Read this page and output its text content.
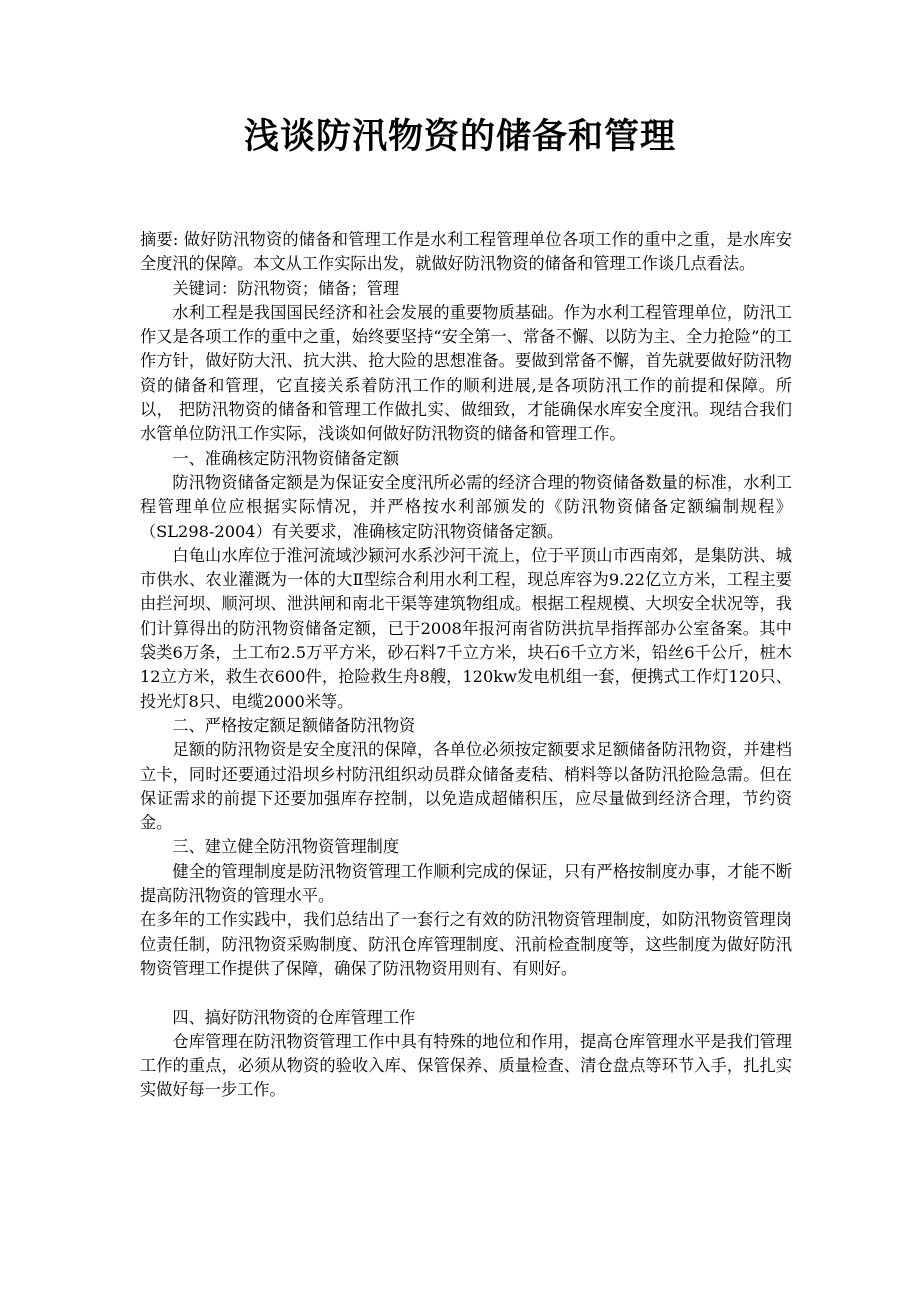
浅谈防汛物资的储备和管理

摘要: 做好防汛物资的储备和管理工作是水利工程管理单位各项工作的重中之重，是水库安全度汛的保障。本文从工作实际出发，就做好防汛物资的储备和管理工作谈几点看法。

关键词：防汛物资；储备；管理

水利工程是我国国民经济和社会发展的重要物质基础。作为水利工程管理单位，防汛工作又是各项工作的重中之重，始终要坚持“安全第一、常备不懈、以防为主、全力抢险”的工作方针，做好防大汛、抗大洪、抢大险的思想准备。要做到常备不懈，首先就要做好防汛物资的储备和管理，它直接关系着防汛工作的顺利进展,是各项防汛工作的前提和保障。所以， 把防汛物资的储备和管理工作做扎实、做细致，才能确保水库安全度汛。现结合我们水管单位防汛工作实际，浅谈如何做好防汛物资的储备和管理工作。

一、准确核定防汛物资储备定额

防汛物资储备定额是为保证安全度汛所必需的经济合理的物资储备数量的标准，水利工程管理单位应根据实际情况，并严格按水利部颁发的《防汛物资储备定额编制规程》（SL298-2004）有关要求，准确核定防汛物资储备定额。

白龟山水库位于淮河流域沙颍河水系沙河干流上，位于平顶山市西南郊，是集防洪、城市供水、农业灌溉为一体的大Ⅱ型综合利用水利工程，现总库容为9.22亿立方米，工程主要由拦河坝、顺河坝、泄洪闸和南北干渠等建筑物组成。根据工程规模、大坝安全状况等，我们计算得出的防汛物资储备定额，已于2008年报河南省防洪抗旱指挥部办公室备案。其中袋类6万条，土工布2.5万平方米，砂石料7千立方米，块石6千立方米，铅丝6千公斤，桩木12立方米，救生衣600件，抢险救生舟8艘，120kw发电机组一套，便携式工作灯120只、投光灯8只、电缆2000米等。

二、严格按定额足额储备防汛物资

足额的防汛物资是安全度汛的保障，各单位必须按定额要求足额储备防汛物资，并建档立卡，同时还要通过沿坝乡村防汛组织动员群众储备麦秸、梢料等以备防汛抢险急需。但在保证需求的前提下还要加强库存控制，以免造成超储积压，应尽量做到经济合理，节约资金。

三、建立健全防汛物资管理制度

健全的管理制度是防汛物资管理工作顺利完成的保证，只有严格按制度办事，才能不断提高防汛物资的管理水平。

在多年的工作实践中，我们总结出了一套行之有效的防汛物资管理制度，如防汛物资管理岗位责任制，防汛物资采购制度、防汛仓库管理制度、汛前检查制度等，这些制度为做好防汛物资管理工作提供了保障，确保了防汛物资用则有、有则好。

四、搞好防汛物资的仓库管理工作

仓库管理在防汛物资管理工作中具有特殊的地位和作用，提高仓库管理水平是我们管理工作的重点，必须从物资的验收入库、保管保养、质量检查、清仓盘点等环节入手，扎扎实实做好每一步工作。
